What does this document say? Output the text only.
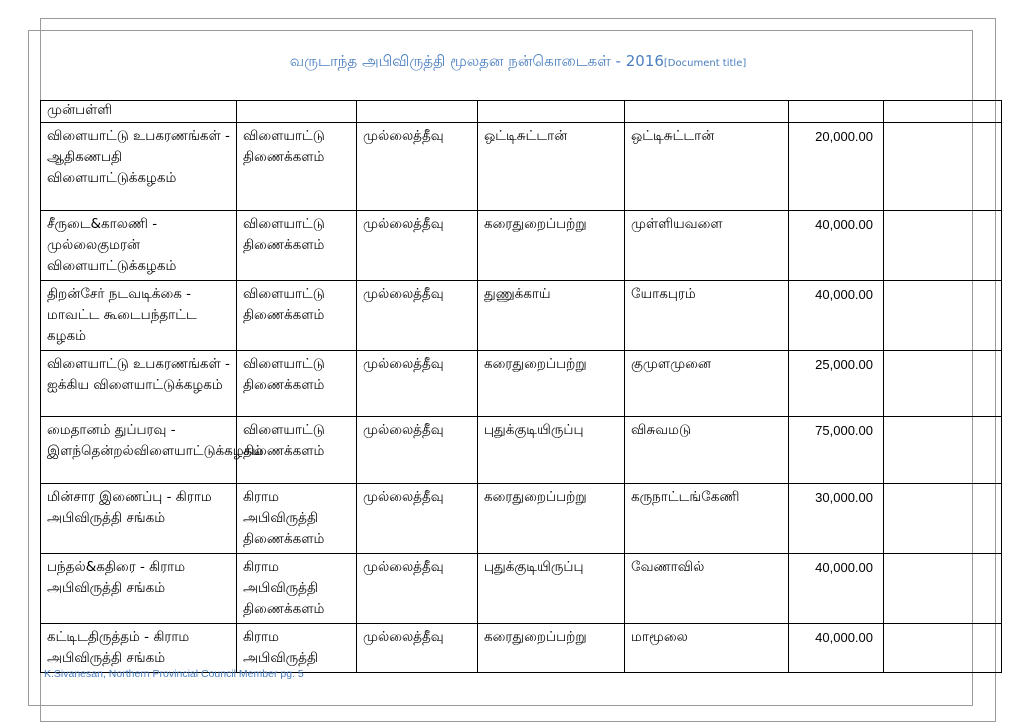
வருடாந்த அபிவிருத்தி மூலதன நன்கொடைகள் - 2016[Document title]
முன்பள்ளி						
விளையாட்டு உபகரணங்கள் - ஆதிகணபதி விளையாட்டுக்கழகம்	விளையாட்டு திணைக்களம்	முல்லைத்தீவு	ஒட்டிசுட்டான்	ஒட்டிசுட்டான்	20,000.00	
சீருடை&காலணி - முல்லைகுமரன் விளையாட்டுக்கழகம்	விளையாட்டு திணைக்களம்	முல்லைத்தீவு	கரைதுறைப்பற்று	முள்ளியவளை	40,000.00	
திறன்சேர் நடவடிக்கை - மாவட்ட கூடைபந்தாட்ட கழகம்	விளையாட்டு திணைக்களம்	முல்லைத்தீவு	துணுக்காய்	யோகபுரம்	40,000.00	
விளையாட்டு உபகரணங்கள் - ஐக்கிய விளையாட்டுக்கழகம்	விளையாட்டு திணைக்களம்	முல்லைத்தீவு	கரைதுறைப்பற்று	குமுளமுனை	25,000.00	
மைதானம் துப்பரவு - இளந்தென்றல்விளையாட்டுக்கழகம்	விளையாட்டு திணைக்களம்	முல்லைத்தீவு	புதுக்குடியிருப்பு	விசுவமடு	75,000.00	
மின்சார இணைப்பு - கிராம அபிவிருத்தி சங்கம்	கிராம அபிவிருத்தி திணைக்களம்	முல்லைத்தீவு	கரைதுறைப்பற்று	கருநாட்டங்கேணி	30,000.00	
பந்தல்&கதிரை - கிராம அபிவிருத்தி சங்கம்	கிராம அபிவிருத்தி திணைக்களம்	முல்லைத்தீவு	புதுக்குடியிருப்பு	வேணாவில்	40,000.00	
கட்டிடதிருத்தம் - கிராம அபிவிருத்தி சங்கம்	கிராம அபிவிருத்தி	முல்லைத்தீவு	கரைதுறைப்பற்று	மாமூலை	40,000.00	
K.Sivanesan, Northern Provincial Council Member pg. 5
